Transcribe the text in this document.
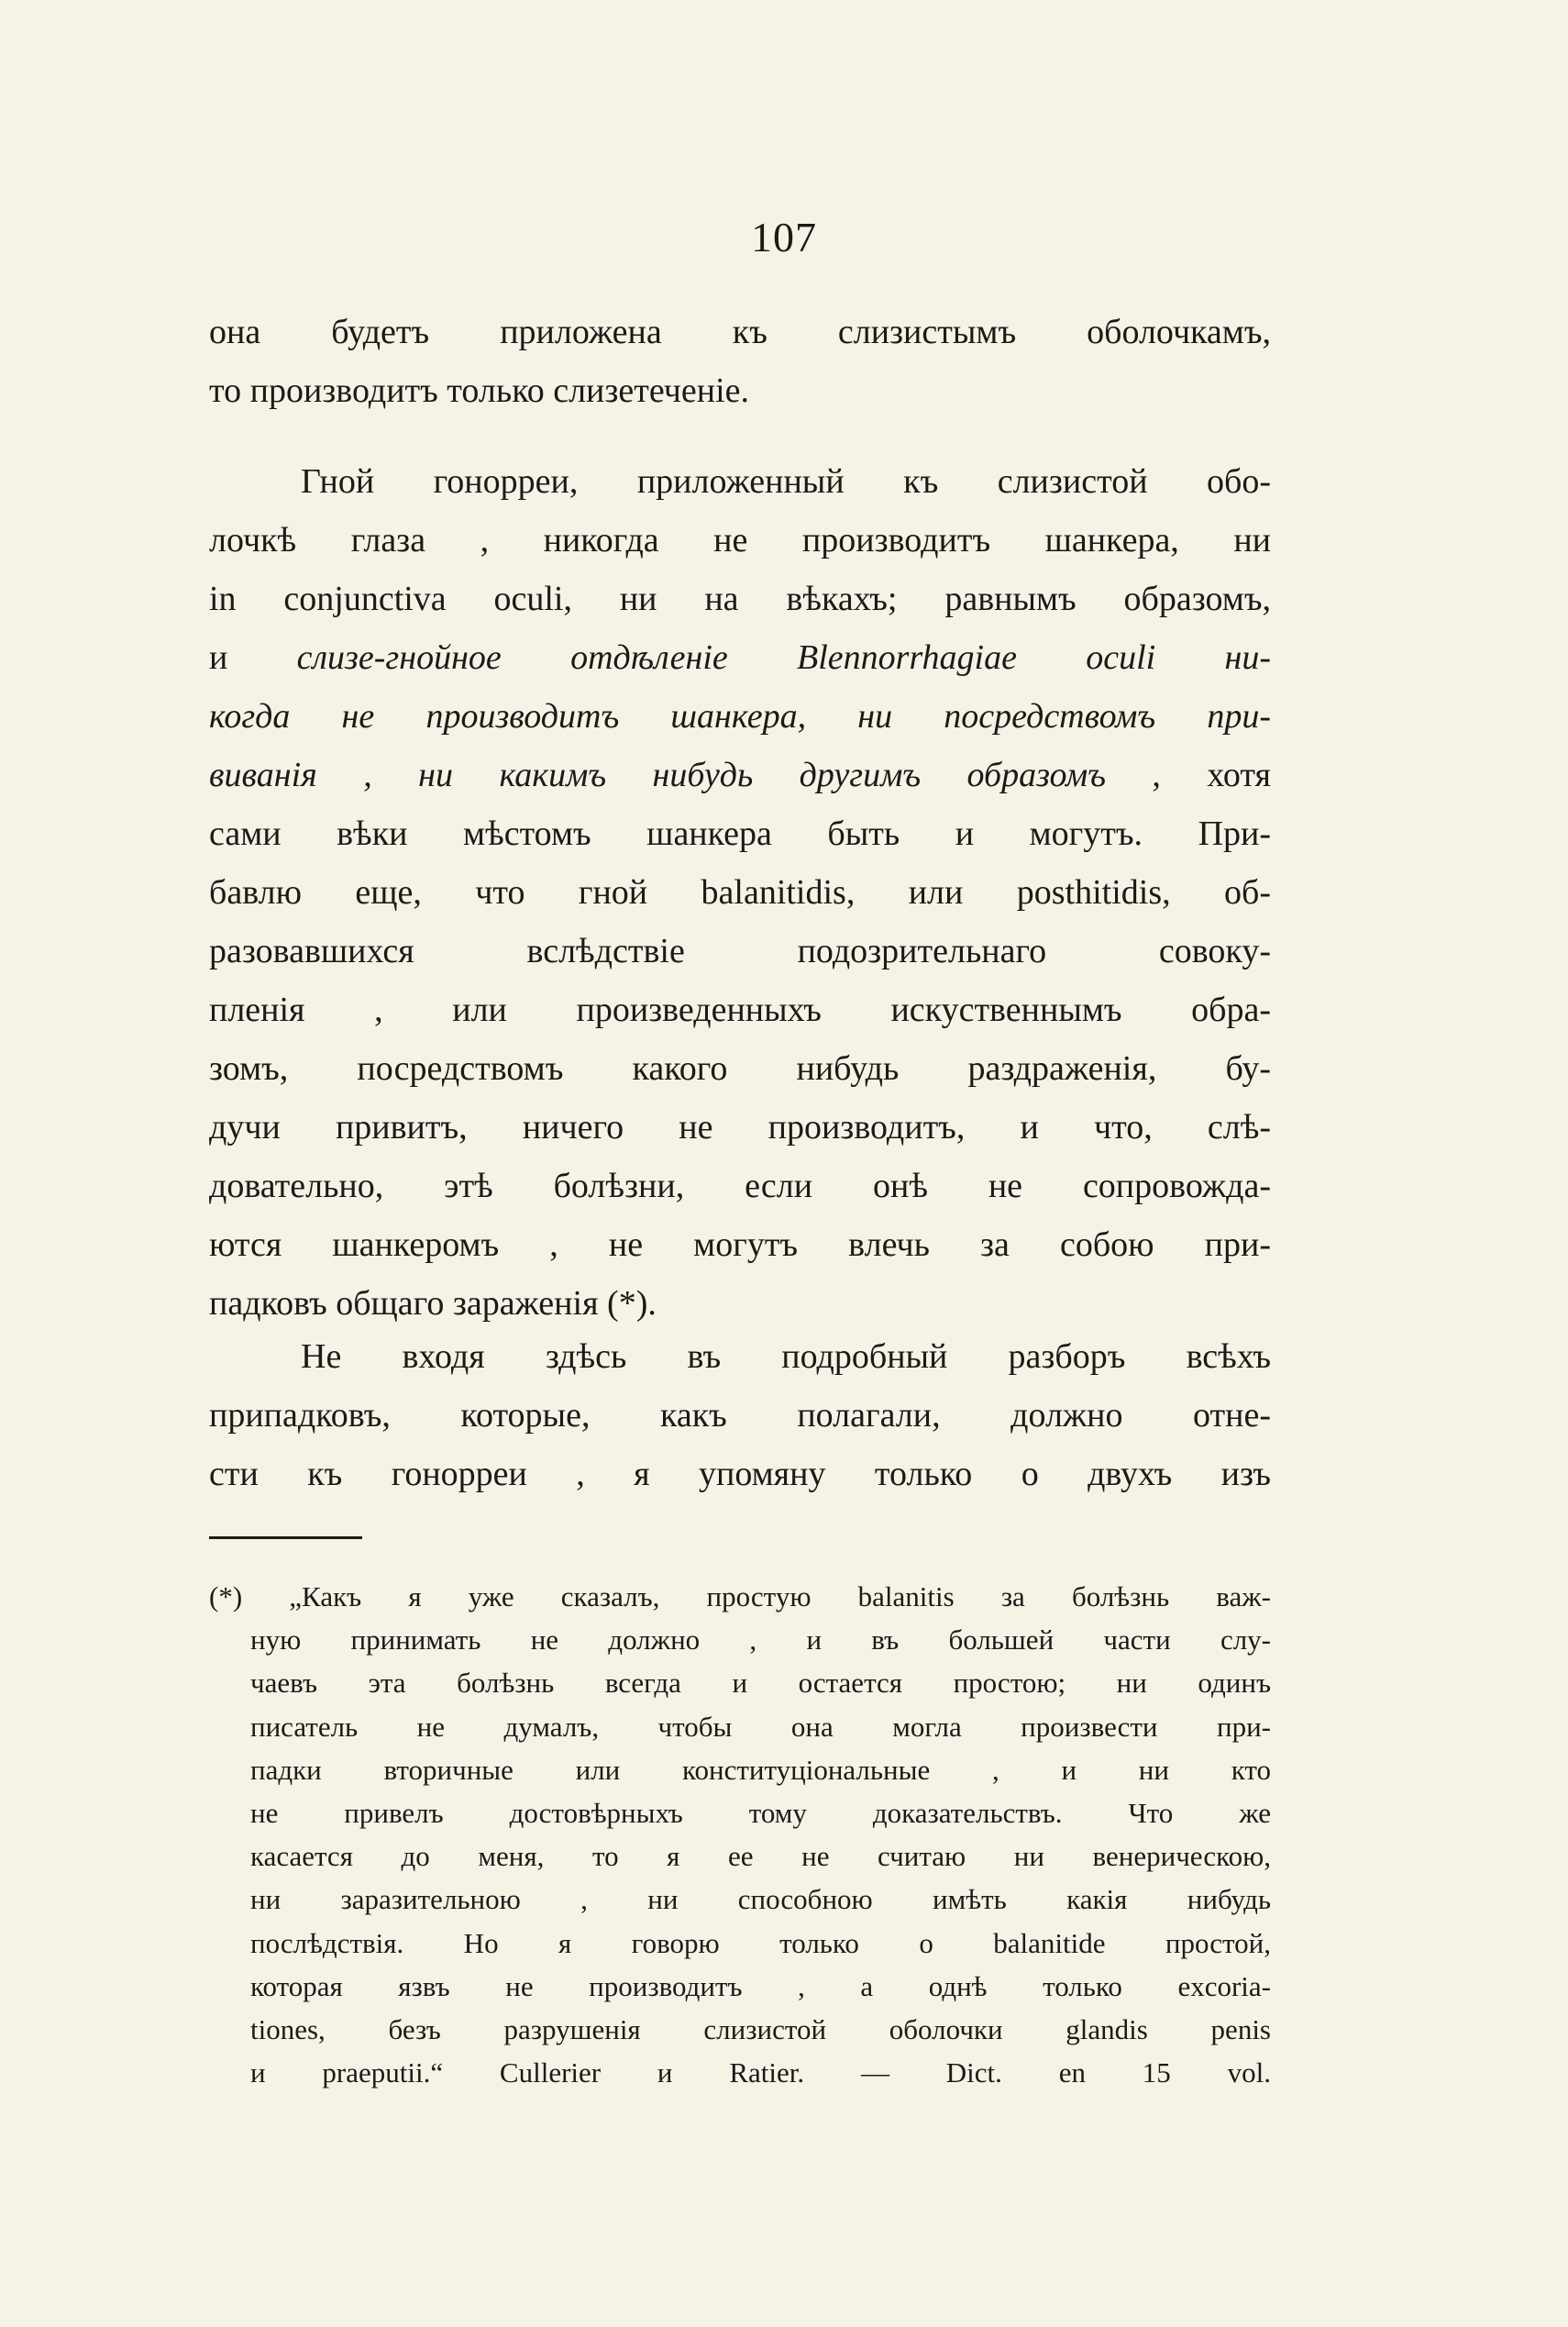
107
она будетъ приложена къ слизистымъ оболочкамъ,
то производитъ только слизетеченіе.
Гной гонорреи, приложенный къ слизистой обо-
лочкѣ глаза , никогда не производитъ шанкера, ни
in conjunctiva oculi, ни на вѣкахъ; равнымъ образомъ,
и слизе-гнойное отдѣленіе Blennorrhagiae oculi ни-
когда не производитъ шанкера, ни посредствомъ при-
виванія , ни какимъ нибудь другимъ образомъ , хотя
сами вѣки мѣстомъ шанкера быть и могутъ. При-
бавлю еще, что гной balanitidis, или posthitidis, об-
разовавшихся вслѣдствіе подозрительнаго совоку-
пленія , или произведенныхъ искуственнымъ обра-
зомъ, посредствомъ какого нибудь раздраженія, бу-
дучи привитъ, ничего не производитъ, и что, слѣ-
довательно, этѣ болѣзни, если онѣ не сопровожда-
ются шанкеромъ , не могутъ влечь за собою при-
падковъ общаго зараженія (*).
Не входя здѣсь въ подробный разборъ всѣхъ
припадковъ, которые, какъ полагали, должно отне-
сти къ гонорреи , я упомяну только о двухъ изъ
(*) „Какъ я уже сказалъ, простую balanitis за болѣзнь важ-
ную принимать не должно , и въ большей части слу-
чаевъ эта болѣзнь всегда и остается простою; ни одинъ
писатель не думалъ, чтобы она могла произвести при-
падки вторичные или конституціональные , и ни кто
не привелъ достовѣрныхъ тому доказательствъ. Что же
касается до меня, то я ее не считаю ни венерическою,
ни заразительною , ни способною имѣть какія нибудь
послѣдствія. Но я говорю только о balanitide простой,
которая язвъ не производитъ , а однѣ только excoria-
tiones, безъ разрушенія слизистой оболочки glandis penis
и praeputii.“ Cullerier и Ratier. — Dict. en 15 vol.
